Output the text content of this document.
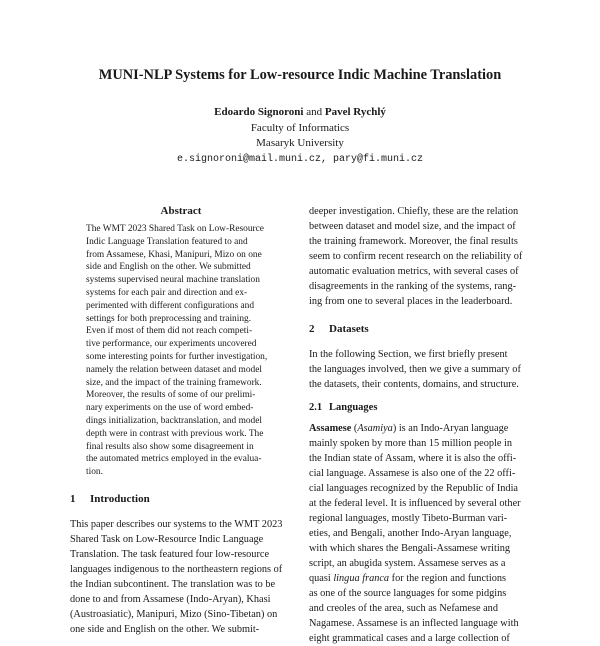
MUNI-NLP Systems for Low-resource Indic Machine Translation
Edoardo Signoroni and Pavel Rychlý
Faculty of Informatics
Masaryk University
e.signoroni@mail.muni.cz, pary@fi.muni.cz
Abstract
The WMT 2023 Shared Task on Low-Resource
Indic Language Translation featured to and
from Assamese, Khasi, Manipuri, Mizo on one
side and English on the other. We submitted
systems supervised neural machine translation
systems for each pair and direction and ex-
perimented with different configurations and
settings for both preprocessing and training.
Even if most of them did not reach competi-
tive performance, our experiments uncovered
some interesting points for further investigation,
namely the relation between dataset and model
size, and the impact of the training framework.
Moreover, the results of some of our prelimi-
nary experiments on the use of word embed-
dings initialization, backtranslation, and model
depth were in contrast with previous work. The
final results also show some disagreement in
the automated metrics employed in the evalua-
tion.
1 Introduction
This paper describes our systems to the WMT 2023
Shared Task on Low-Resource Indic Language
Translation. The task featured four low-resource
languages indigenous to the northeastern regions of
the Indian subcontinent. The translation was to be
done to and from Assamese (Indo-Aryan), Khasi
(Austroasiatic), Manipuri, Mizo (Sino-Tibetan) on
one side and English on the other. We submit-
deeper investigation. Chiefly, these are the relation
between dataset and model size, and the impact of
the training framework. Moreover, the final results
seem to confirm recent research on the reliability of
automatic evaluation metrics, with several cases of
disagreements in the ranking of the systems, rang-
ing from one to several places in the leaderboard.
2 Datasets
In the following Section, we first briefly present
the languages involved, then we give a summary of
the datasets, their contents, domains, and structure.
2.1 Languages
Assamese (Asamiya) is an Indo-Aryan language
mainly spoken by more than 15 million people in
the Indian state of Assam, where it is also the offi-
cial language. Assamese is also one of the 22 offi-
cial languages recognized by the Republic of India
at the federal level. It is influenced by several other
regional languages, mostly Tibeto-Burman vari-
eties, and Bengali, another Indo-Aryan language,
with which shares the Bengali-Assamese writing
script, an abugida system. Assamese serves as a
quasi lingua franca for the region and functions
as one of the source languages for some pidgins
and creoles of the area, such as Nefamese and
Nagamese. Assamese is an inflected language with
eight grammatical cases and a large collection of
